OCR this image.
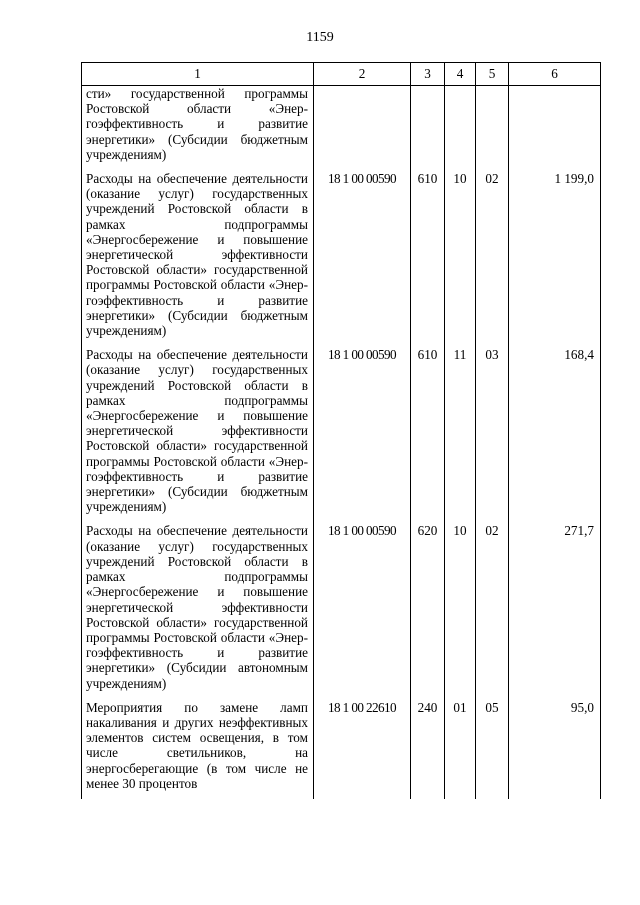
1159
1	2	3	4	5	6
сти» государственной программы Ростовской области «Энергоэффективность и развитие энергетики» (Субсидии бюджетным учреждениям)					
Расходы на обеспечение деятельности (оказание услуг) государственных учреждений Ростовской области в рамках подпрограммы «Энергосбережение и повышение энергетической эффективности Ростовской области» государственной программы Ростовской области «Энергоэффективность и развитие энергетики» (Субсидии бюджетным учреждениям)	18 1 00 00590	610	10	02	1 199,0
Расходы на обеспечение деятельности (оказание услуг) государственных учреждений Ростовской области в рамках подпрограммы «Энергосбережение и повышение энергетической эффективности Ростовской области» государственной программы Ростовской области «Энергоэффективность и развитие энергетики» (Субсидии бюджетным учреждениям)	18 1 00 00590	610	11	03	168,4
Расходы на обеспечение деятельности (оказание услуг) государственных учреждений Ростовской области в рамках подпрограммы «Энергосбережение и повышение энергетической эффективности Ростовской области» государственной программы Ростовской области «Энергоэффективность и развитие энергетики» (Субсидии автономным учреждениям)	18 1 00 00590	620	10	02	271,7
Мероприятия по замене ламп накаливания и других неэффективных элементов систем освещения, в том числе светильников, на энергосберегающие (в том числе не менее 30 процентов	18 1 00 22610	240	01	05	95,0
